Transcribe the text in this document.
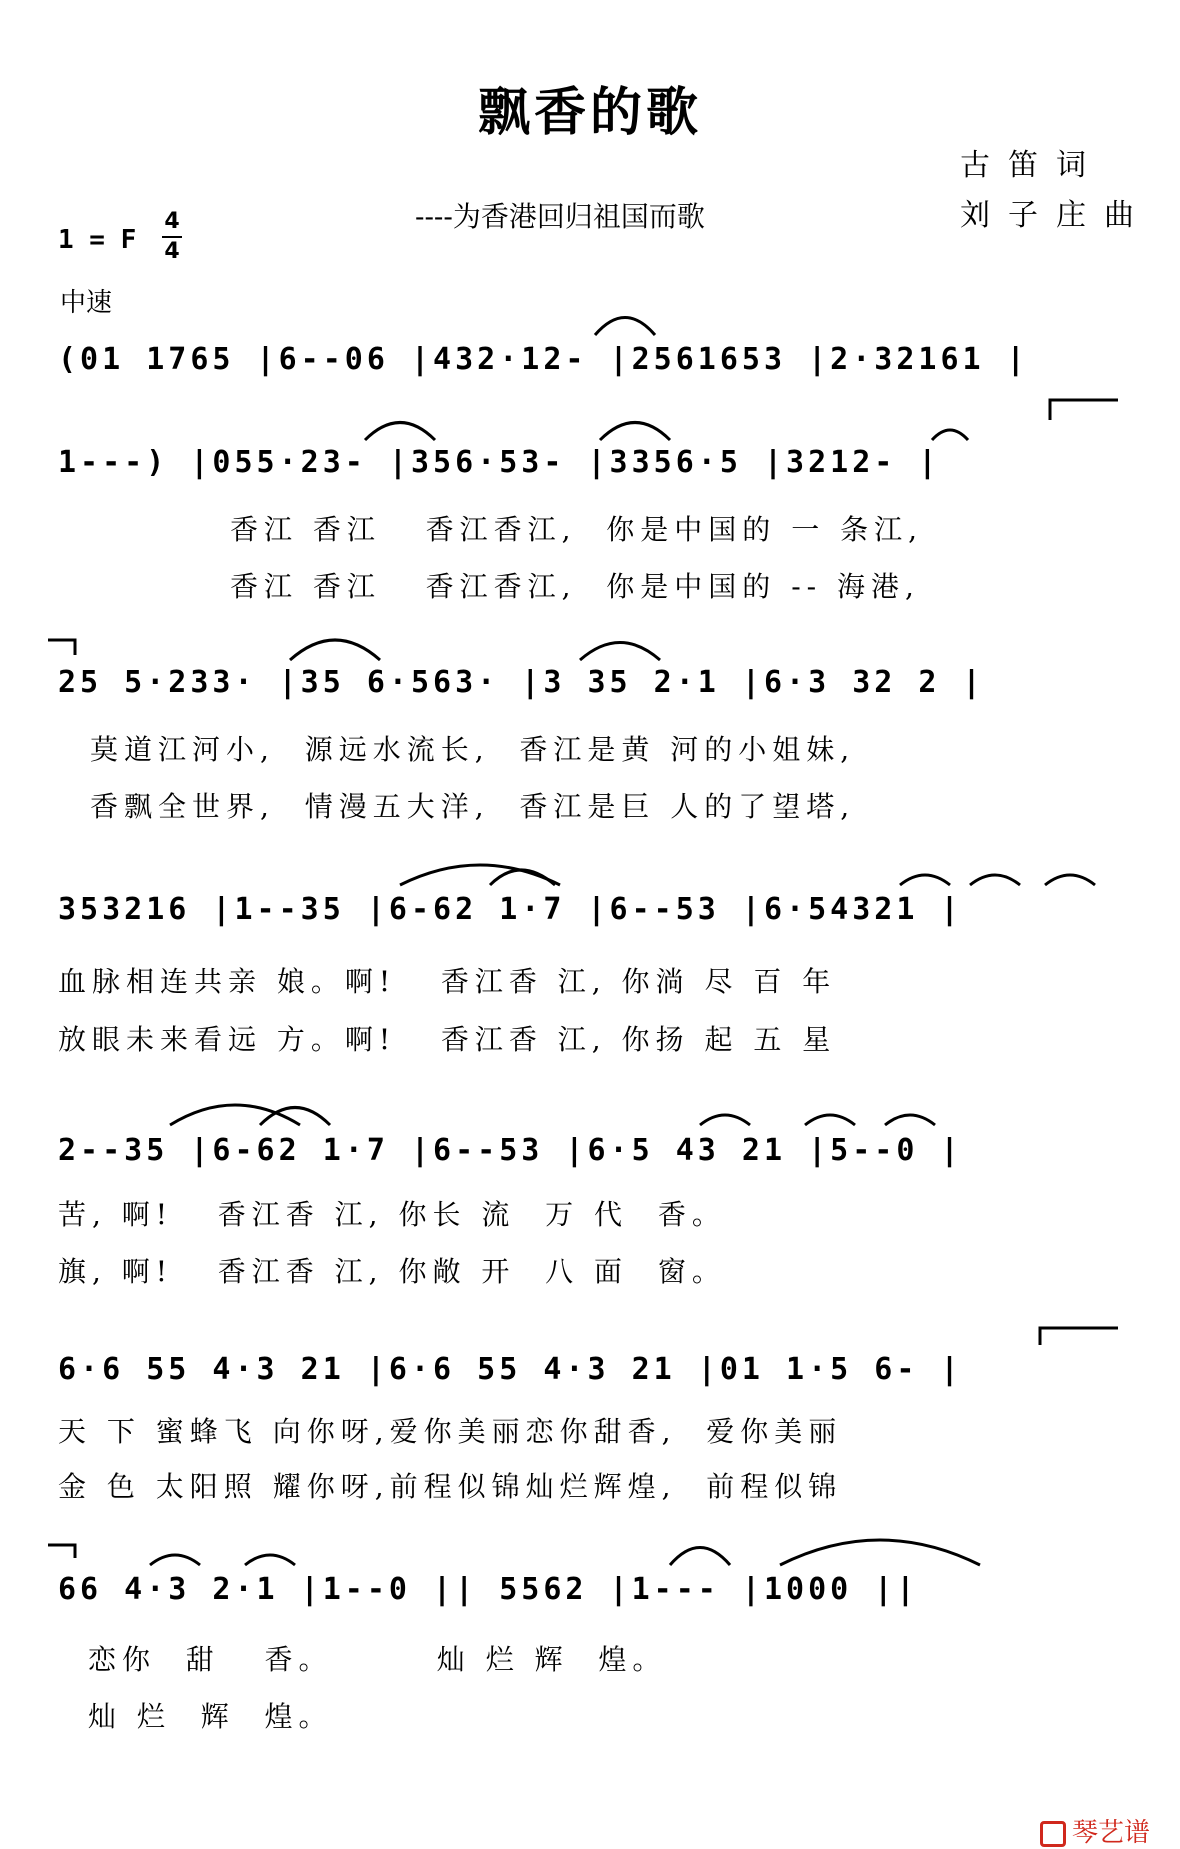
飘香的歌
----为香港回归祖国而歌
古笛词
刘子庄曲
1 = F
4
4
中速
(01 1765 |6--06 |432·12- |2561653 |2·32161 |
1---) |055·23- |356·53- |3356·5 |3212- |
香江 香江   香江香江,  你是中国的 一 条江,
香江 香江   香江香江,  你是中国的 -- 海港,
25 5·233· |35 6·563· |3 35 2·1 |6·3 32 2 |
莫道江河小,  源远水流长,  香江是黄 河的小姐妹,
香飘全世界,  情漫五大洋,  香江是巨 人的了望塔,
353216 |1--35 |6-62 1·7 |6--53 |6·54321 |
血脉相连共亲 娘。啊!   香江香 江, 你淌 尽 百 年
放眼未来看远 方。啊!   香江香 江, 你扬 起 五 星
2--35 |6-62 1·7 |6--53 |6·5 43 21 |5--0 |
苦, 啊!   香江香 江, 你长 流  万 代  香。
旗, 啊!   香江香 江, 你敞 开  八 面  窗。
6·6 55 4·3 21 |6·6 55 4·3 21 |01 1·5 6- |
天 下 蜜蜂飞 向你呀,爱你美丽恋你甜香,  爱你美丽
金 色 太阳照 耀你呀,前程似锦灿烂辉煌,  前程似锦
66 4·3 2·1 |1--0 || 5562 |1--- |1000 ||
恋你  甜   香。       灿 烂 辉  煌。
灿 烂  辉  煌。
琴艺谱
